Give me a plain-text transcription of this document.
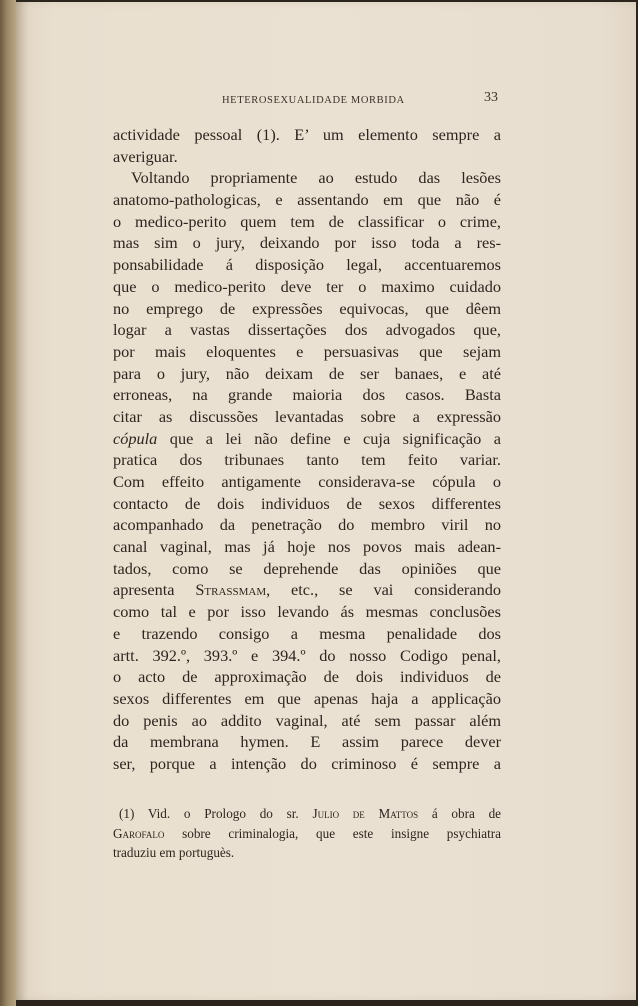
HETEROSEXUALIDADE MORBIDA	33
actividade pessoal (1). E’ um elemento sempre a
averiguar.
Voltando propriamente ao estudo das lesões
anatomo-pathologicas, e assentando em que não é
o medico-perito quem tem de classificar o crime,
mas sim o jury, deixando por isso toda a res-
ponsabilidade á disposição legal, accentuaremos
que o medico-perito deve ter o maximo cuidado
no emprego de expressões equivocas, que dêem
logar a vastas dissertações dos advogados que,
por mais eloquentes e persuasivas que sejam
para o jury, não deixam de ser banaes, e até
erroneas, na grande maioria dos casos. Basta
citar as discussões levantadas sobre a expressão
cópula que a lei não define e cuja significação a
pratica dos tribunaes tanto tem feito variar.
Com effeito antigamente considerava-se cópula o
contacto de dois individuos de sexos differentes
acompanhado da penetração do membro viril no
canal vaginal, mas já hoje nos povos mais adean-
tados, como se deprehende das opiniões que
apresenta Strassmam, etc., se vai considerando
como tal e por isso levando ás mesmas conclusões
e trazendo consigo a mesma penalidade dos
artt. 392.º, 393.º e 394.º do nosso Codigo penal,
o acto de approximação de dois individuos de
sexos differentes em que apenas haja a applicação
do penis ao addito vaginal, até sem passar além
da membrana hymen. E assim parece dever
ser, porque a intenção do criminoso é sempre a
(1) Vid. o Prologo do sr. Julio de Mattos á obra de
Garofalo sobre criminalogia, que este insigne psychiatra
traduziu em portuguès.
